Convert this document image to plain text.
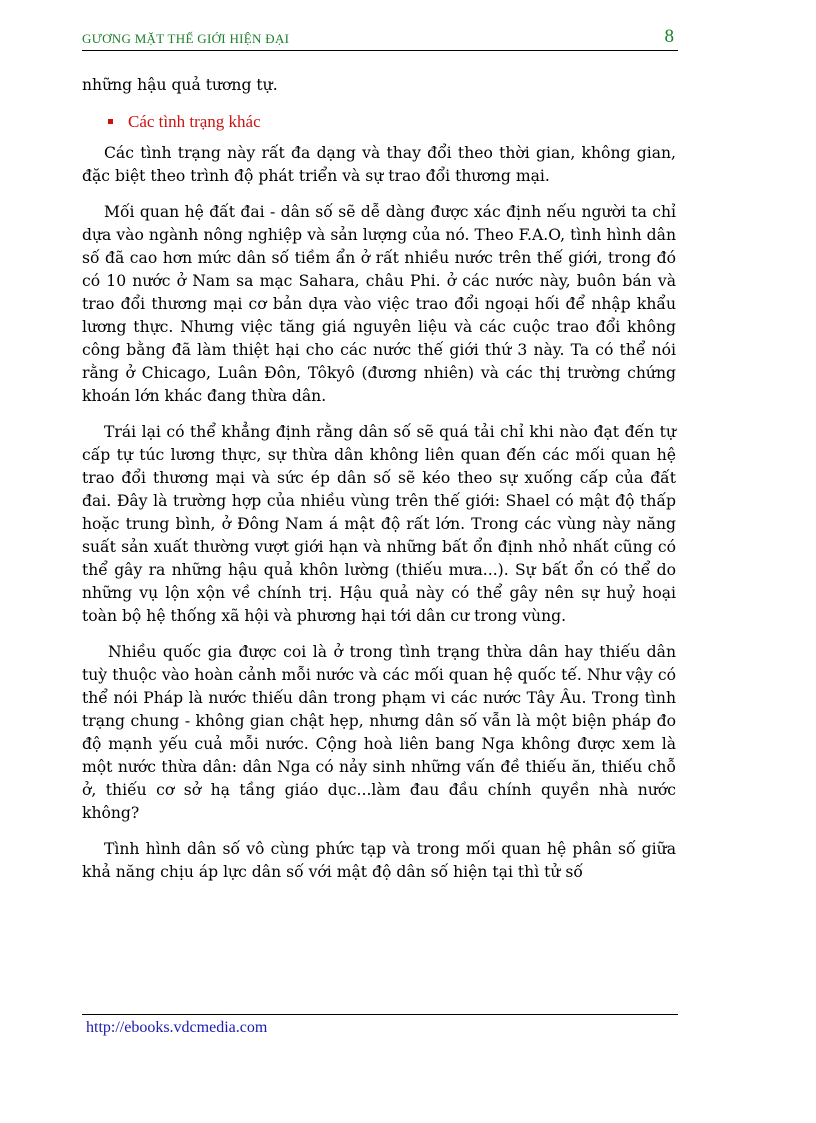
GƯƠNG MẶT THẾ GIỚI HIỆN ĐẠI	8

những hậu quả tương tự.

Các tình trạng khác

Các tình trạng này rất đa dạng và thay đổi theo thời gian, không gian, đặc biệt theo trình độ phát triển và sự trao đổi thương mại.

Mối quan hệ đất đai - dân số sẽ dễ dàng được xác định nếu người ta chỉ dựa vào ngành nông nghiệp và sản lượng của nó. Theo F.A.O, tình hình dân số đã cao hơn mức dân số tiềm ẩn ở rất nhiều nước trên thế giới, trong đó có 10 nước ở Nam sa mạc Sahara, châu Phi. ở các nước này, buôn bán và trao đổi thương mại cơ bản dựa vào việc trao đổi ngoại hối để nhập khẩu lương thực. Nhưng việc tăng giá nguyên liệu và các cuộc trao đổi không công bằng đã làm thiệt hại cho các nước thế giới thứ 3 này. Ta có thể nói rằng ở Chicago, Luân Đôn, Tôkyô (đương nhiên) và các thị trường chứng khoán lớn khác đang thừa dân.

Trái lại có thể khẳng định rằng dân số sẽ quá tải chỉ khi nào đạt đến tự cấp tự túc lương thực, sự thừa dân không liên quan đến các mối quan hệ trao đổi thương mại và sức ép dân số sẽ kéo theo sự xuống cấp của đất đai. Đây là trường hợp của nhiều vùng trên thế giới: Shael có mật độ thấp hoặc trung bình, ở Đông Nam á mật độ rất lớn. Trong các vùng này năng suất sản xuất thường vượt giới hạn và những bất ổn định nhỏ nhất cũng có thể gây ra những hậu quả khôn lường (thiếu mưa...). Sự bất ổn có thể do những vụ lộn xộn về chính trị. Hậu quả này có thể gây nên sự huỷ hoại toàn bộ hệ thống xã hội và phương hại tới dân cư trong vùng.

Nhiều quốc gia được coi là ở trong tình trạng thừa dân hay thiếu dân tuỳ thuộc vào hoàn cảnh mỗi nước và các mối quan hệ quốc tế. Như vậy có thể nói Pháp là nước thiếu dân trong phạm vi các nước Tây Âu. Trong tình trạng chung - không gian chật hẹp, nhưng dân số vẫn là một biện pháp đo độ mạnh yếu cuả mỗi nước. Cộng hoà liên bang Nga không được xem là một nước thừa dân: dân Nga có nảy sinh những vấn đề thiếu ăn, thiếu chỗ ở, thiếu cơ sở hạ tầng giáo dục...làm đau đầu chính quyền nhà nước không?

Tình hình dân số vô cùng phức tạp và trong mối quan hệ phân số giữa khả năng chịu áp lực dân số với mật độ dân số hiện tại thì tử số

http://ebooks.vdcmedia.com
